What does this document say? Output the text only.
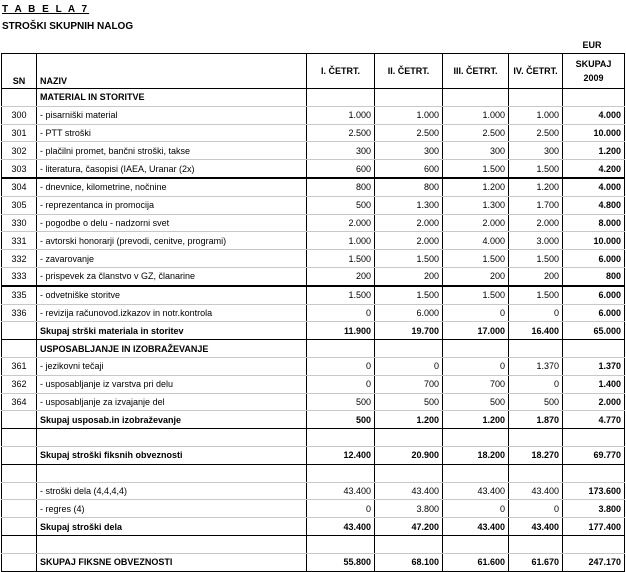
T A B E L A 7
STROŠKI SKUPNIH NALOG
EUR
SN	NAZIV	I. ČETRT.	II. ČETRT.	III. ČETRT.	IV. ČETRT.	SKUPAJ 2009
	MATERIAL IN STORITVE					
300	- pisarniški material	1.000	1.000	1.000	1.000	4.000
301	- PTT stroški	2.500	2.500	2.500	2.500	10.000
302	- plačilni promet, bančni stroški, takse	300	300	300	300	1.200
303	- literatura, časopisi (IAEA, Uranar (2x)	600	600	1.500	1.500	4.200
304	- dnevnice, kilometrine, nočnine	800	800	1.200	1.200	4.000
305	- reprezentanca in promocija	500	1.300	1.300	1.700	4.800
330	- pogodbe o delu - nadzorni svet	2.000	2.000	2.000	2.000	8.000
331	- avtorski honorarji (prevodi, cenitve, programi)	1.000	2.000	4.000	3.000	10.000
332	- zavarovanje	1.500	1.500	1.500	1.500	6.000
333	- prispevek za članstvo v GZ, članarine	200	200	200	200	800
335	- odvetniške storitve	1.500	1.500	1.500	1.500	6.000
336	- revizija računovod.izkazov in notr.kontrola	0	6.000	0	0	6.000
	Skupaj strški materiala in storitev	11.900	19.700	17.000	16.400	65.000
	USPOSABLJANJE IN IZOBRAŽEVANJE					
361	- jezikovni tečaji	0	0	0	1.370	1.370
362	- usposabljanje iz varstva pri delu	0	700	700	0	1.400
364	- usposabljanje za izvajanje del	500	500	500	500	2.000
	Skupaj usposab.in izobraževanje	500	1.200	1.200	1.870	4.770

	Skupaj stroški fiksnih obveznosti	12.400	20.900	18.200	18.270	69.770

	- stroški dela (4,4,4,4)	43.400	43.400	43.400	43.400	173.600
	- regres (4)	0	3.800	0	0	3.800
	Skupaj stroški dela	43.400	47.200	43.400	43.400	177.400

	SKUPAJ FIKSNE OBVEZNOSTI	55.800	68.100	61.600	61.670	247.170
